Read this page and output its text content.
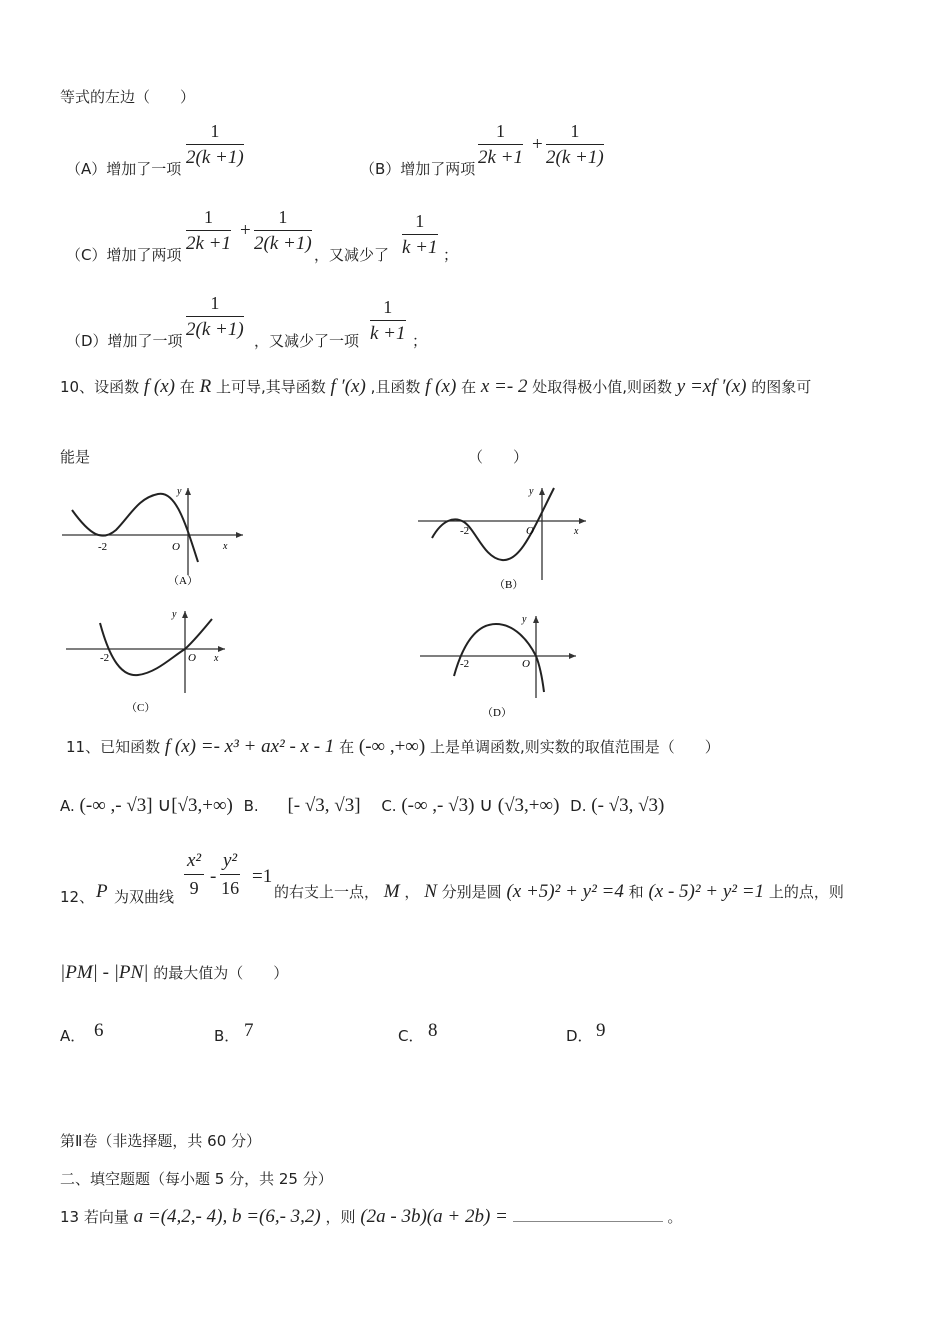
等式的左边（　　）
（A）增加了一项 $\frac{1}{2(k +1)}$	（B）增加了两项 $\frac{1}{2k +1} + \frac{1}{2(k +1)}$
（C）增加了两项 $\frac{1}{2k +1} + \frac{1}{2(k +1)}$ ，又减少了 $\frac{1}{k +1}$ ；
（D）增加了一项 $\frac{1}{2(k +1)}$ ，又减少了一项 $\frac{1}{k +1}$ ；
10、设函数 f (x) 在 R 上可导,其导函数 f ′(x) ,且函数 f (x) 在 x =- 2 处取得极小值,则函数 y =xf ′(x) 的图象可
能是	（　　）
-2	O	x
y
（A）
-2	O	x
y
（B）
-2	O x
y
（C）
-2	O
y
（D）
11、已知函数 f (x) =- x³ + ax² - x - 1 在 (-∞ ,+∞) 上是单调函数,则实数的取值范围是（　　）
A. (-∞ ,- √3] ∪[√3,+∞) B. [- √3, √3] C. (-∞ ,- √3) ∪ (√3,+∞) D. (- √3, √3)
12、 P 为双曲线 $\frac{\text{x²}}{9} - \frac{\text{y²}}{16} =1$
的右支上一点， M ， N 分别是圆 (x +5)² + y² =4 和 (x - 5)² + y² =1 上的点，则
|PM| - |PN| 的最大值为（　　）
A． 6	B． 7	C． 8	D． 9
第Ⅱ卷（非选择题，共 60 分）
二、填空题题（每小题 5 分，共 25 分）
13 若向量 a =(4,2,- 4), b =(6,- 3,2) ，则 (2a - 3b)(a + 2b) =	。
